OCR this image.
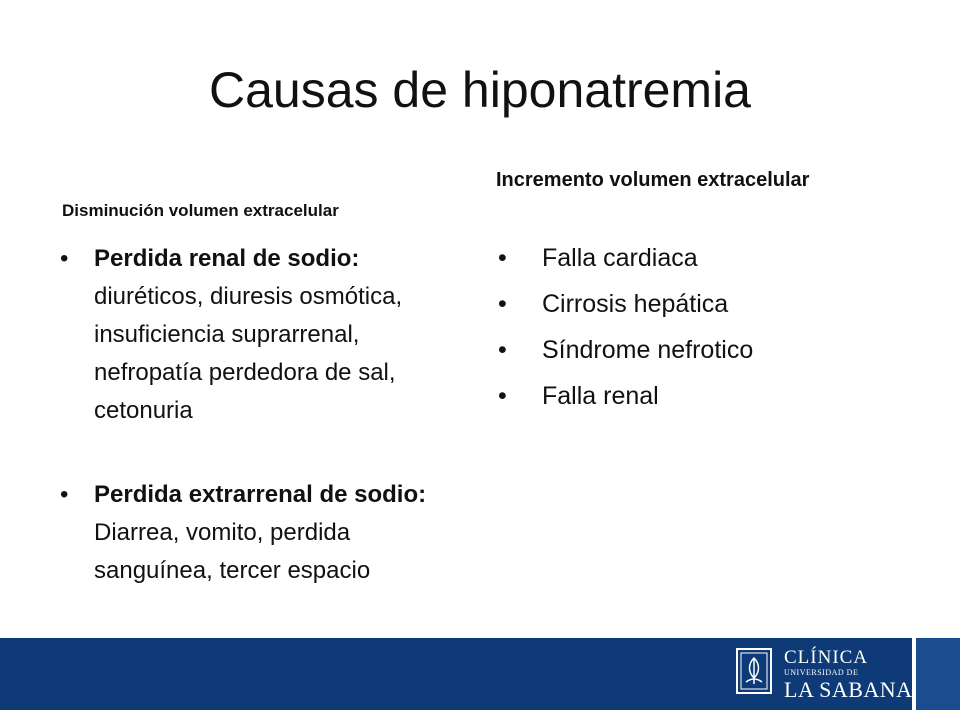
Causas de hiponatremia
Disminución volumen extracelular
Incremento volumen extracelular
• Perdida renal de sodio: diuréticos, diuresis osmótica, insuficiencia suprarrenal, nefropatía perdedora de sal, cetonuria
• Perdida extrarrenal de sodio: Diarrea, vomito, perdida sanguínea, tercer espacio
• Falla cardiaca
• Cirrosis hepática
• Síndrome nefrotico
• Falla renal
CLÍNICA
UNIVERSIDAD DE
LA SABANA
